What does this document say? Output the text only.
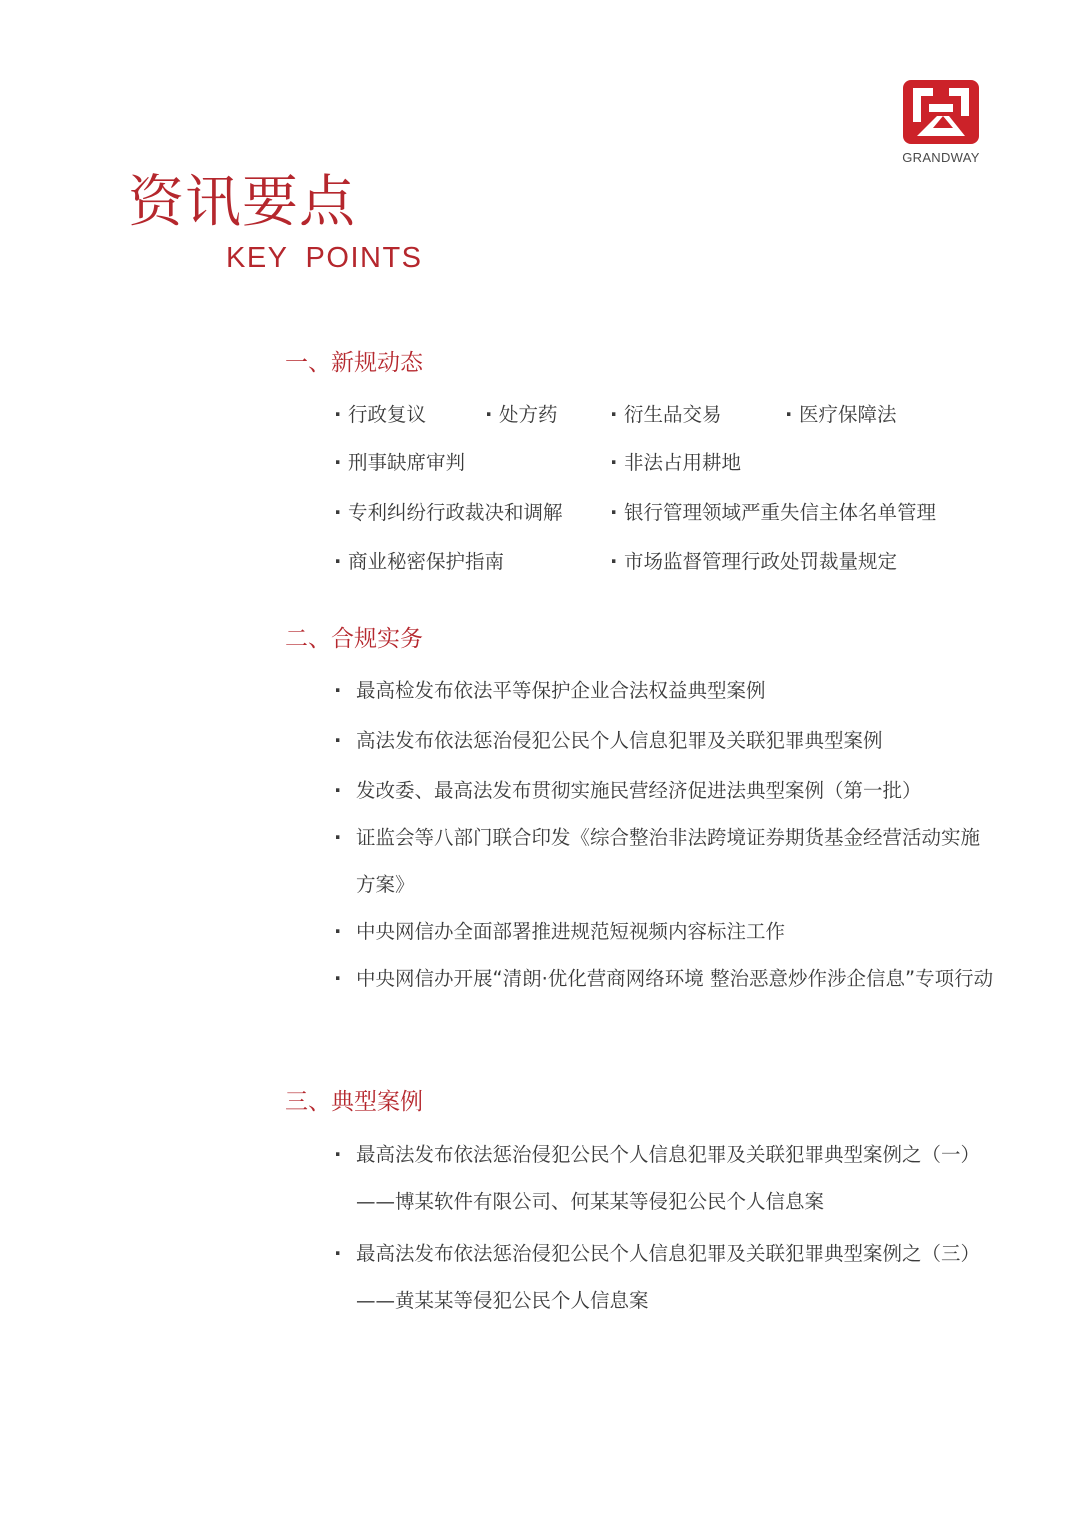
GRANDWAY
资讯要点
KEY POINTS
一、新规动态
· 行政复议	· 处方药	· 衍生品交易	· 医疗保障法
· 刑事缺席审判	· 非法占用耕地
· 专利纠纷行政裁决和调解	· 银行管理领域严重失信主体名单管理
· 商业秘密保护指南	· 市场监督管理行政处罚裁量规定
二、合规实务
· 最高检发布依法平等保护企业合法权益典型案例
· 高法发布依法惩治侵犯公民个人信息犯罪及关联犯罪典型案例
· 发改委、最高法发布贯彻实施民营经济促进法典型案例（第一批）
· 证监会等八部门联合印发《综合整治非法跨境证券期货基金经营活动实施方案》
· 中央网信办全面部署推进规范短视频内容标注工作
· 中央网信办开展“清朗·优化营商网络环境 整治恶意炒作涉企信息”专项行动
三、典型案例
· 最高法发布依法惩治侵犯公民个人信息犯罪及关联犯罪典型案例之（一）——博某软件有限公司、何某某等侵犯公民个人信息案
· 最高法发布依法惩治侵犯公民个人信息犯罪及关联犯罪典型案例之（三）——黄某某等侵犯公民个人信息案
